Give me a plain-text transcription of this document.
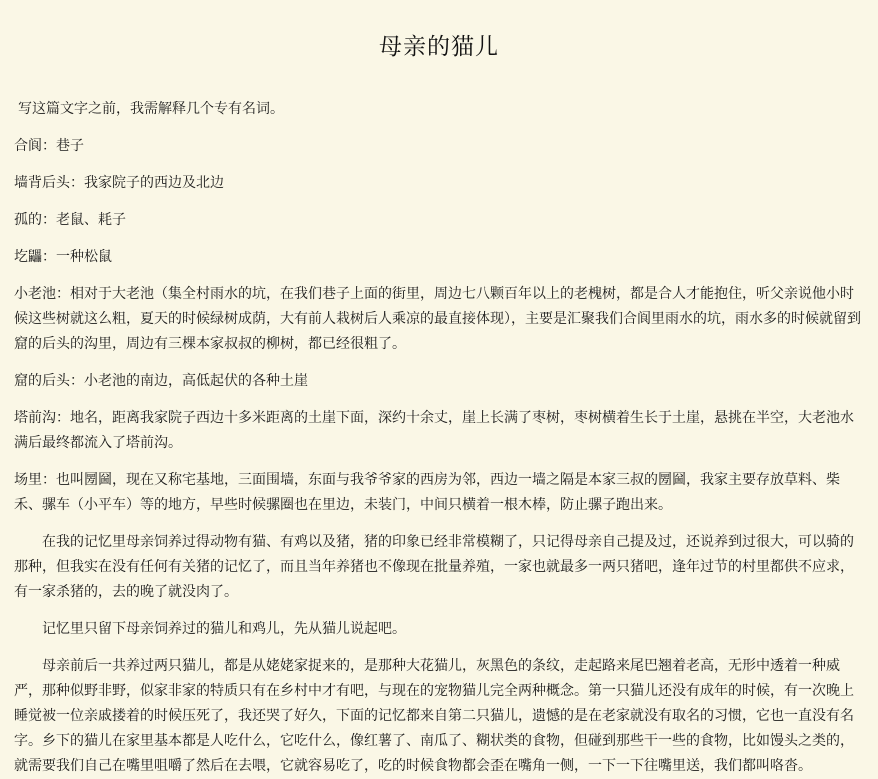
母亲的猫儿

写这篇文字之前，我需解释几个专有名词。

合阆：巷子

墙背后头：我家院子的西边及北边

孤的：老鼠、耗子

圪鼺：一种松鼠

小老池：相对于大老池（集全村雨水的坑，在我们巷子上面的街里，周边七八颗百年以上的老槐树，都是合人才能抱住，听父亲说他小时候这些树就这么粗，夏天的时候绿树成荫，大有前人栽树后人乘凉的最直接体现），主要是汇聚我们合阆里雨水的坑，雨水多的时候就留到窟的后头的沟里，周边有三棵本家叔叔的柳树，都已经很粗了。

窟的后头：小老池的南边，高低起伏的各种土崖

塔前沟：地名，距离我家院子西边十多米距离的土崖下面，深约十余丈，崖上长满了枣树，枣树横着生长于土崖，悬挑在半空，大老池水满后最终都流入了塔前沟。

场里：也叫圐圙，现在又称宅基地，三面围墙，东面与我爷爷家的西房为邻，西边一墙之隔是本家三叔的圐圙，我家主要存放草料、柴禾、骡车（小平车）等的地方，早些时候骡圈也在里边，未装门，中间只横着一根木棒，防止骡子跑出来。

在我的记忆里母亲饲养过得动物有猫、有鸡以及猪，猪的印象已经非常模糊了，只记得母亲自己提及过，还说养到过很大，可以骑的那种，但我实在没有任何有关猪的记忆了，而且当年养猪也不像现在批量养殖，一家也就最多一两只猪吧，逢年过节的村里都供不应求，有一家杀猪的，去的晚了就没肉了。

记忆里只留下母亲饲养过的猫儿和鸡儿，先从猫儿说起吧。

母亲前后一共养过两只猫儿，都是从姥姥家捉来的，是那种大花猫儿，灰黑色的条纹，走起路来尾巴翘着老高，无形中透着一种威严，那种似野非野，似家非家的特质只有在乡村中才有吧，与现在的宠物猫儿完全两种概念。第一只猫儿还没有成年的时候，有一次晚上睡觉被一位亲戚搂着的时候压死了，我还哭了好久，下面的记忆都来自第二只猫儿，遗憾的是在老家就没有取名的习惯，它也一直没有名字。乡下的猫儿在家里基本都是人吃什么，它吃什么，像红薯了、南瓜了、糊状类的食物，但碰到那些干一些的食物，比如馒头之类的，就需要我们自己在嘴里咀嚼了然后在去喂，它就容易吃了，吃的时候食物都会歪在嘴角一侧，一下一下往嘴里送，我们都叫咯沓。
